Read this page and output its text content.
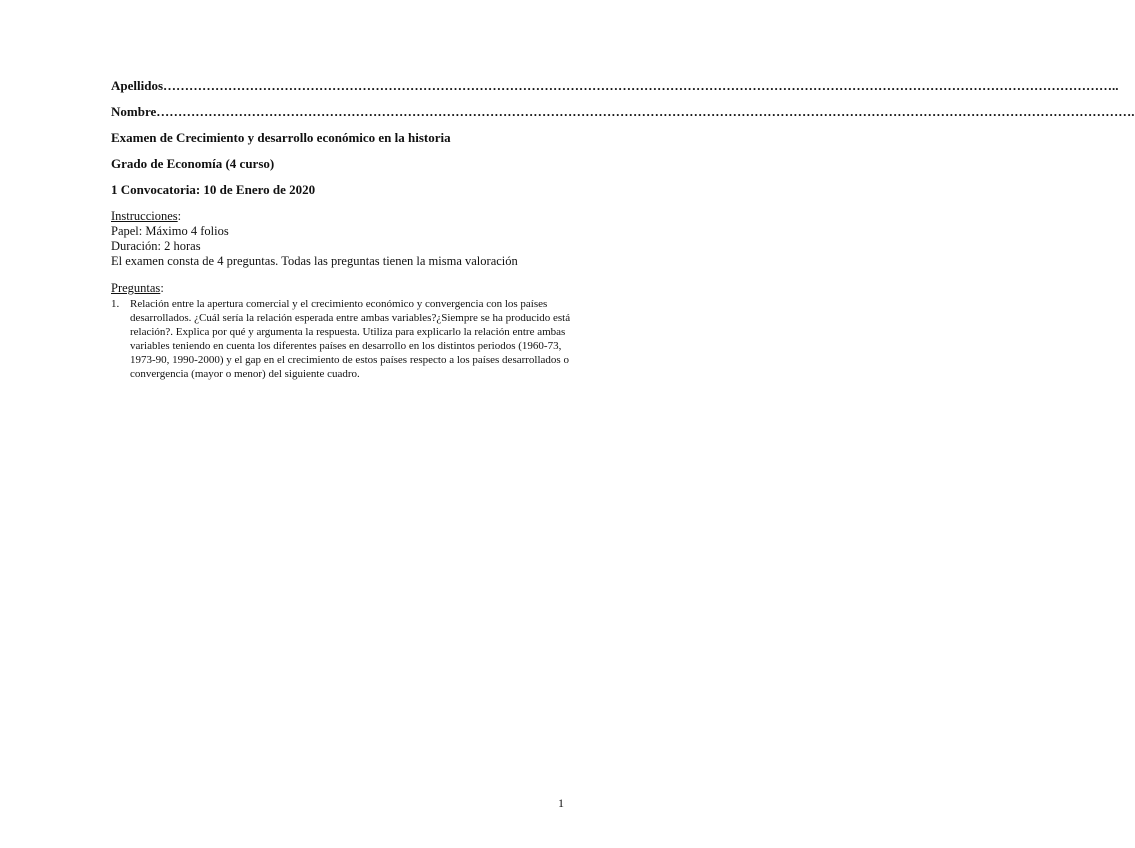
Apellidos…………………………………………………………………………………………………………………………………………………………………………………………………..
Nombre……………………………………………………………………………………………………………………………………………………………………………………………………….
Examen de Crecimiento y desarrollo económico en la historia
Grado de Economía (4 curso)
1 Convocatoria: 10 de Enero de 2020
Instrucciones:
Papel: Máximo 4 folios
Duración: 2 horas
El examen consta de 4 preguntas. Todas las preguntas tienen la misma valoración
Preguntas:
1. Relación entre la apertura comercial y el crecimiento económico y convergencia con los países desarrollados. ¿Cuál sería la relación esperada entre ambas variables?¿Siempre se ha producido está relación?. Explica por qué y argumenta la respuesta. Utiliza para explicarlo la relación entre ambas variables teniendo en cuenta los diferentes países en desarrollo en los distintos periodos (1960-73, 1973-90, 1990-2000) y el gap en el crecimiento de estos países respecto a los países desarrollados o convergencia (mayor o menor) del siguiente cuadro.
1
